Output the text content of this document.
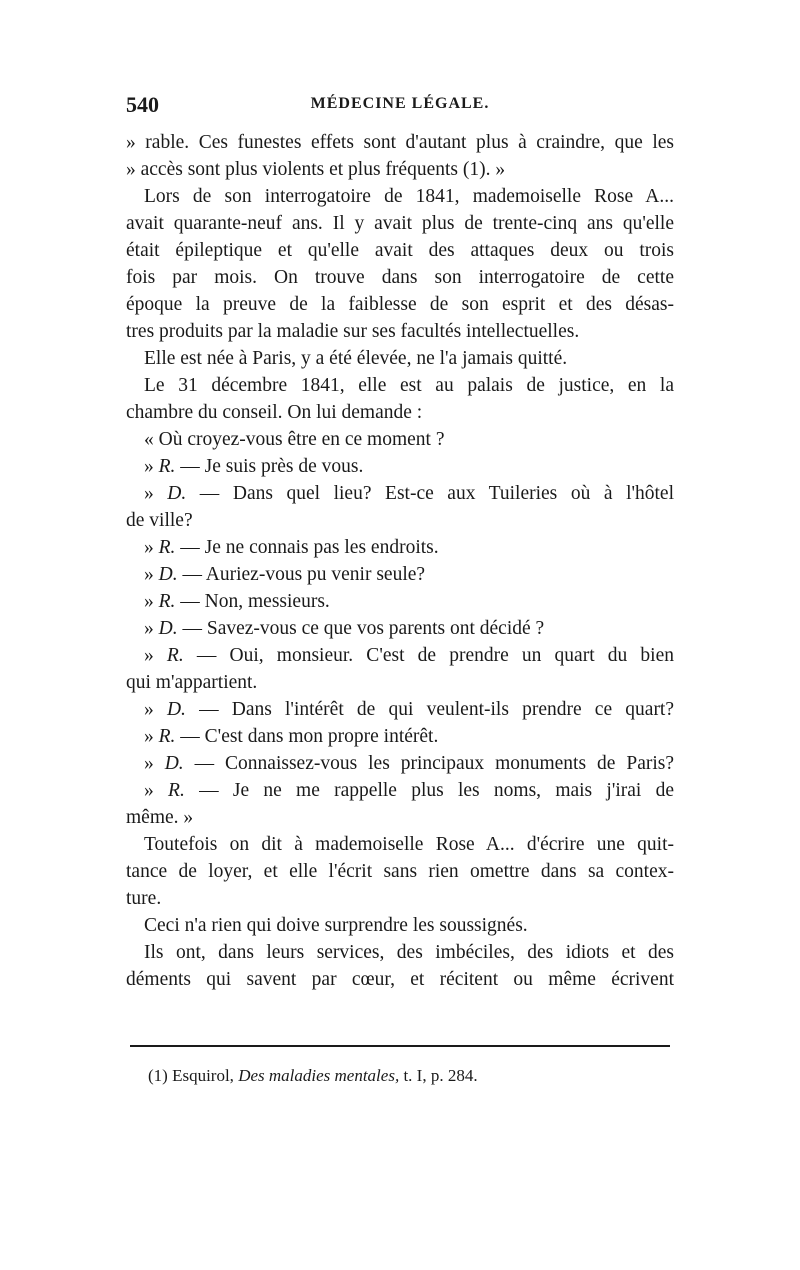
540	MÉDECINE LÉGALE.
» rable. Ces funestes effets sont d'autant plus à craindre, que les
» accès sont plus violents et plus fréquents (1). »
Lors de son interrogatoire de 1841, mademoiselle Rose A...
avait quarante-neuf ans. Il y avait plus de trente-cinq ans qu'elle
était épileptique et qu'elle avait des attaques deux ou trois
fois par mois. On trouve dans son interrogatoire de cette
époque la preuve de la faiblesse de son esprit et des désas-
tres produits par la maladie sur ses facultés intellectuelles.
Elle est née à Paris, y a été élevée, ne l'a jamais quitté.
Le 31 décembre 1841, elle est au palais de justice, en la
chambre du conseil. On lui demande :
« Où croyez-vous être en ce moment ?
» R. — Je suis près de vous.
» D. — Dans quel lieu? Est-ce aux Tuileries où à l'hôtel
de ville?
» R. — Je ne connais pas les endroits.
» D. — Auriez-vous pu venir seule?
» R. — Non, messieurs.
» D. — Savez-vous ce que vos parents ont décidé ?
» R. — Oui, monsieur. C'est de prendre un quart du bien
qui m'appartient.
» D. — Dans l'intérêt de qui veulent-ils prendre ce quart?
» R. — C'est dans mon propre intérêt.
» D. — Connaissez-vous les principaux monuments de Paris?
» R. — Je ne me rappelle plus les noms, mais j'irai de
même. »
Toutefois on dit à mademoiselle Rose A... d'écrire une quit-
tance de loyer, et elle l'écrit sans rien omettre dans sa contex-
ture.
Ceci n'a rien qui doive surprendre les soussignés.
Ils ont, dans leurs services, des imbéciles, des idiots et des
déments qui savent par cœur, et récitent ou même écrivent
(1) Esquirol, Des maladies mentales, t. I, p. 284.
